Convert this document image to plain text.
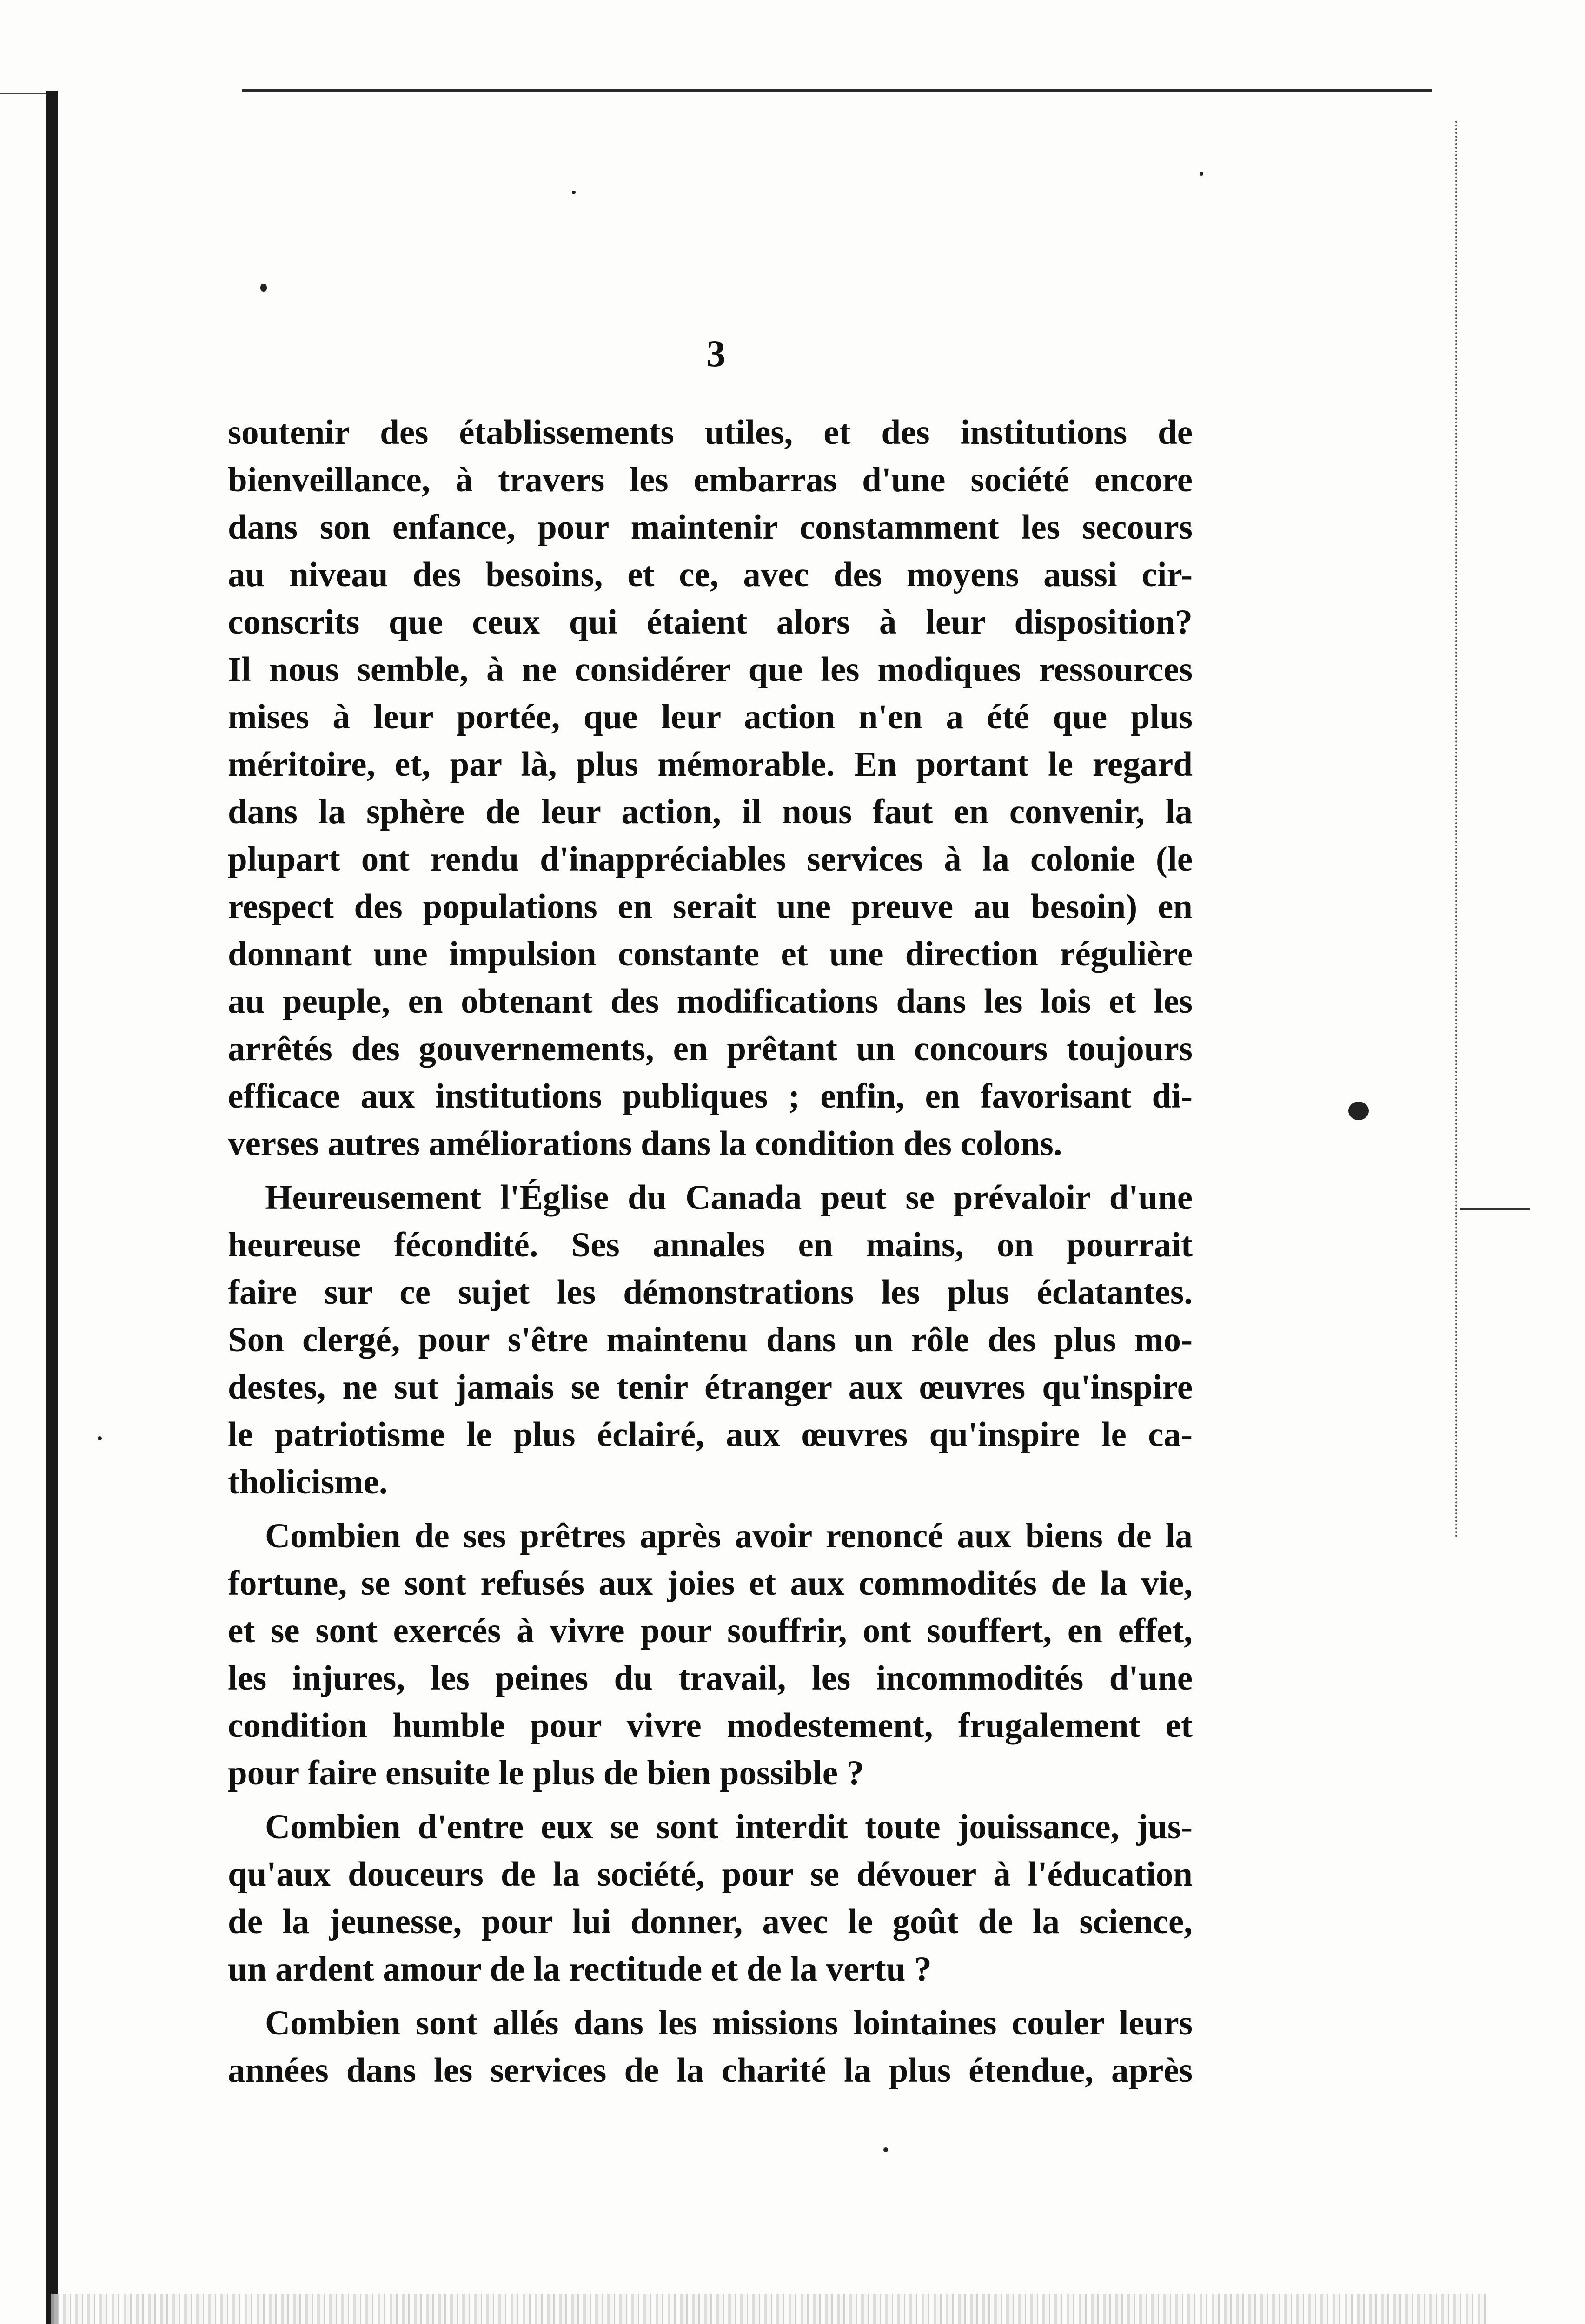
3

soutenir des établissements utiles, et des institutions de
bienveillance, à travers les embarras d'une société encore
dans son enfance, pour maintenir constamment les secours
au niveau des besoins, et ce, avec des moyens aussi cir-
conscrits que ceux qui étaient alors à leur disposition?
Il nous semble, à ne considérer que les modiques ressources
mises à leur portée, que leur action n'en a été que plus
méritoire, et, par là, plus mémorable. En portant le regard
dans la sphère de leur action, il nous faut en convenir, la
plupart ont rendu d'inappréciables services à la colonie (le
respect des populations en serait une preuve au besoin) en
donnant une impulsion constante et une direction régulière
au peuple, en obtenant des modifications dans les lois et les
arrêtés des gouvernements, en prêtant un concours toujours
efficace aux institutions publiques ; enfin, en favorisant di-
verses autres améliorations dans la condition des colons.

Heureusement l'Église du Canada peut se prévaloir d'une
heureuse fécondité. Ses annales en mains, on pourrait
faire sur ce sujet les démonstrations les plus éclatantes.
Son clergé, pour s'être maintenu dans un rôle des plus mo-
destes, ne sut jamais se tenir étranger aux œuvres qu'inspire
le patriotisme le plus éclairé, aux œuvres qu'inspire le ca-
tholicisme.

Combien de ses prêtres après avoir renoncé aux biens de la
fortune, se sont refusés aux joies et aux commodités de la vie,
et se sont exercés à vivre pour souffrir, ont souffert, en effet,
les injures, les peines du travail, les incommodités d'une
condition humble pour vivre modestement, frugalement et
pour faire ensuite le plus de bien possible ?

Combien d'entre eux se sont interdit toute jouissance, jus-
qu'aux douceurs de la société, pour se dévouer à l'éducation
de la jeunesse, pour lui donner, avec le goût de la science,
un ardent amour de la rectitude et de la vertu ?

Combien sont allés dans les missions lointaines couler leurs
années dans les services de la charité la plus étendue, après
